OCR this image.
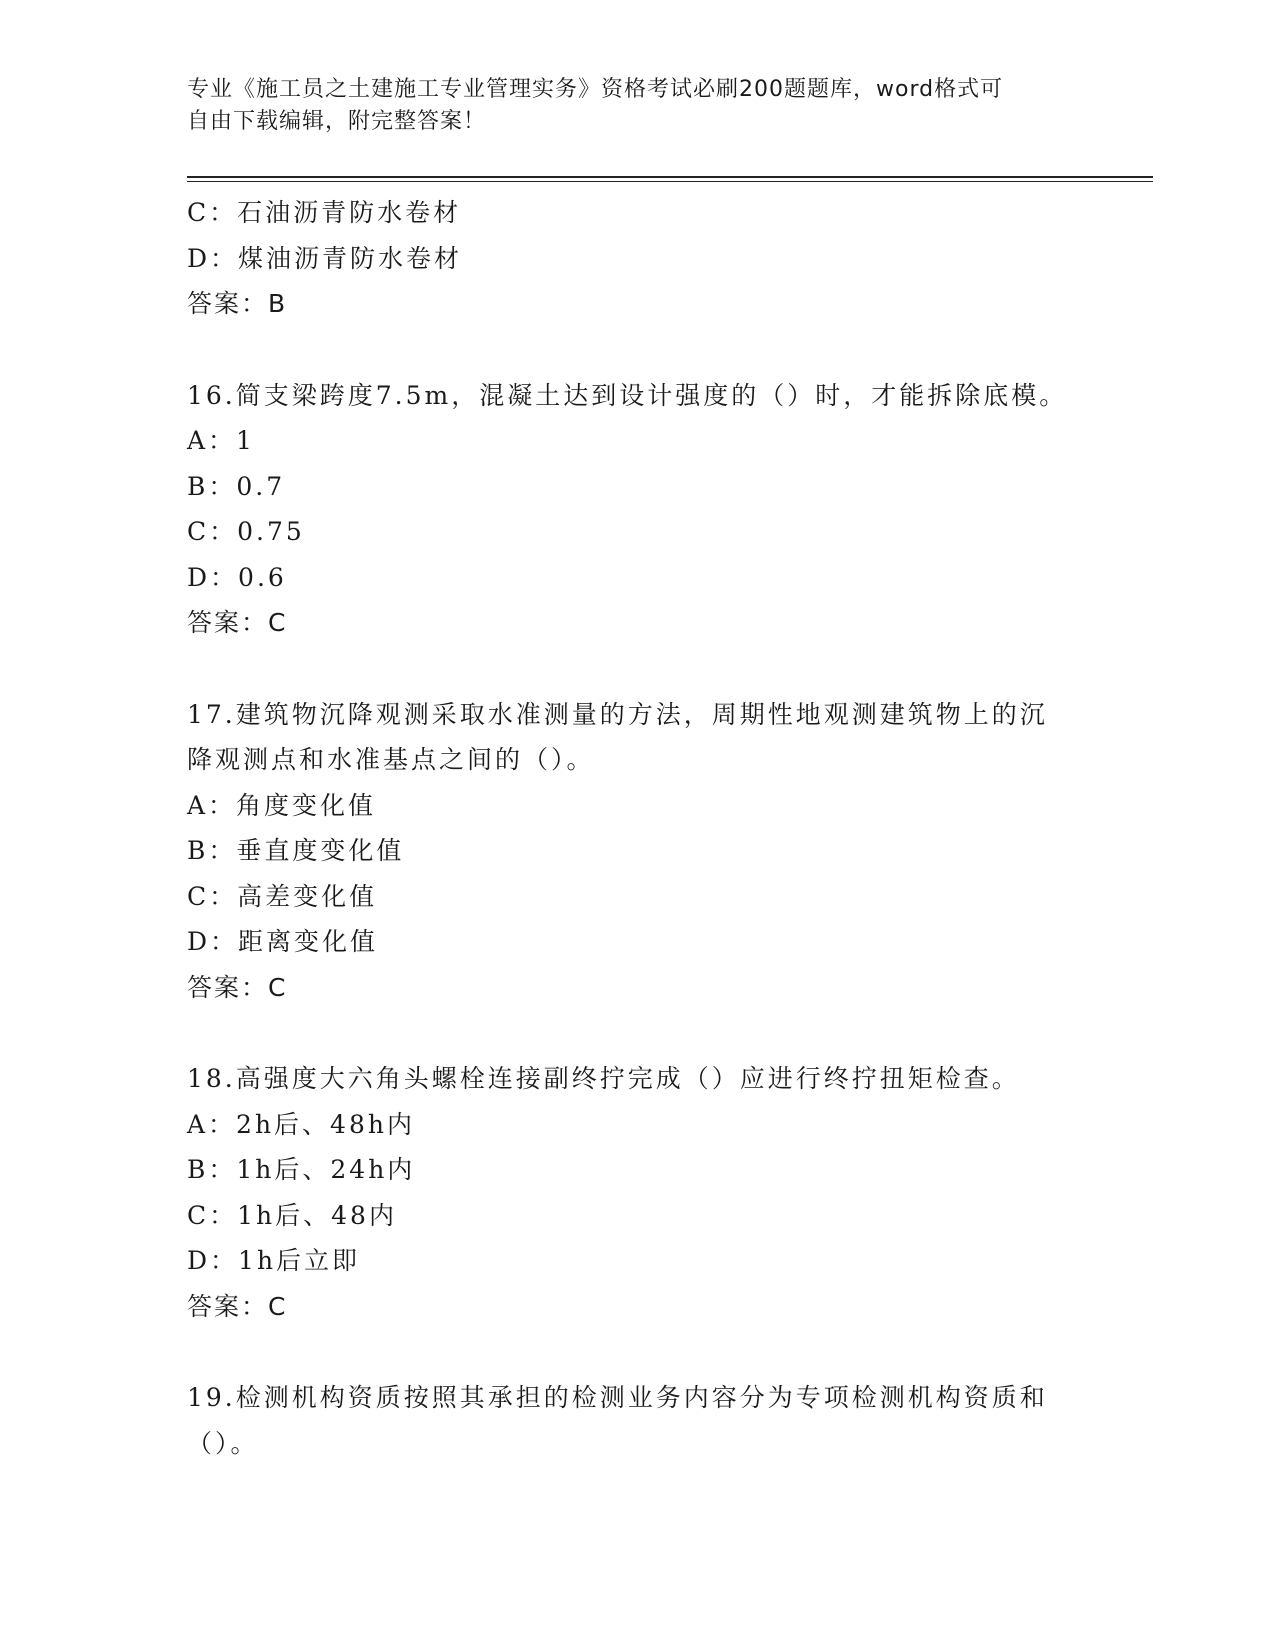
专业《施工员之土建施工专业管理实务》资格考试必刷200题题库，word格式可
自由下载编辑，附完整答案！
C：石油沥青防水卷材
D：煤油沥青防水卷材
答案：B
16.简支梁跨度7.5m，混凝土达到设计强度的（）时，才能拆除底模。
A：1
B：0.7
C：0.75
D：0.6
答案：C
17.建筑物沉降观测采取水准测量的方法，周期性地观测建筑物上的沉
降观测点和水准基点之间的（）。
A：角度变化值
B：垂直度变化值
C：高差变化值
D：距离变化值
答案：C
18.高强度大六角头螺栓连接副终拧完成（）应进行终拧扭矩检查。
A：2h后、48h内
B：1h后、24h内
C：1h后、48内
D：1h后立即
答案：C
19.检测机构资质按照其承担的检测业务内容分为专项检测机构资质和
（）。
